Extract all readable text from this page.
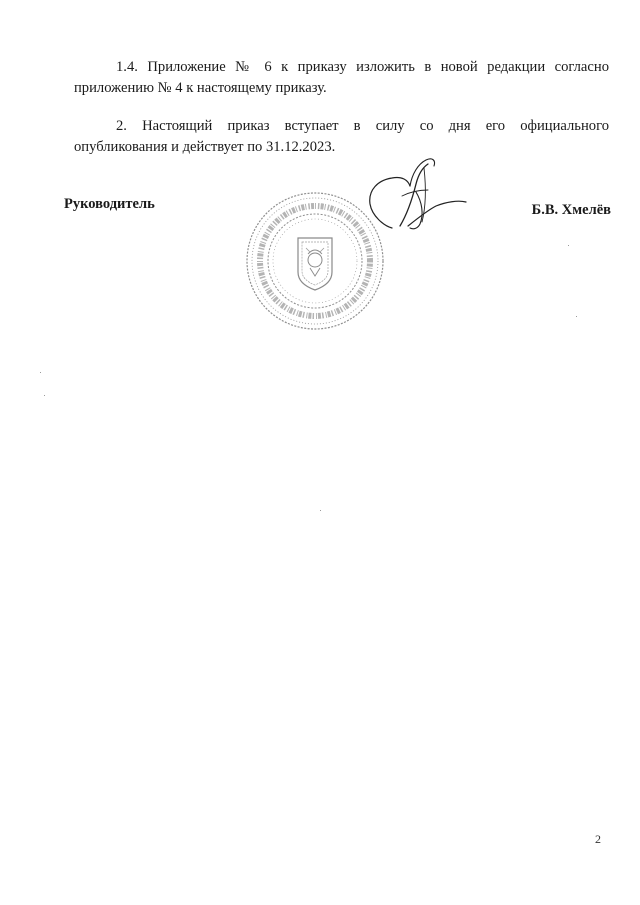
1.4. Приложение № 6 к приказу изложить в новой редакции согласно
приложению № 4 к настоящему приказу.
2. Настоящий приказ вступает в силу со дня его официального
опубликования и действует по 31.12.2023.
Руководитель	Б.В. Хмелёв
2
